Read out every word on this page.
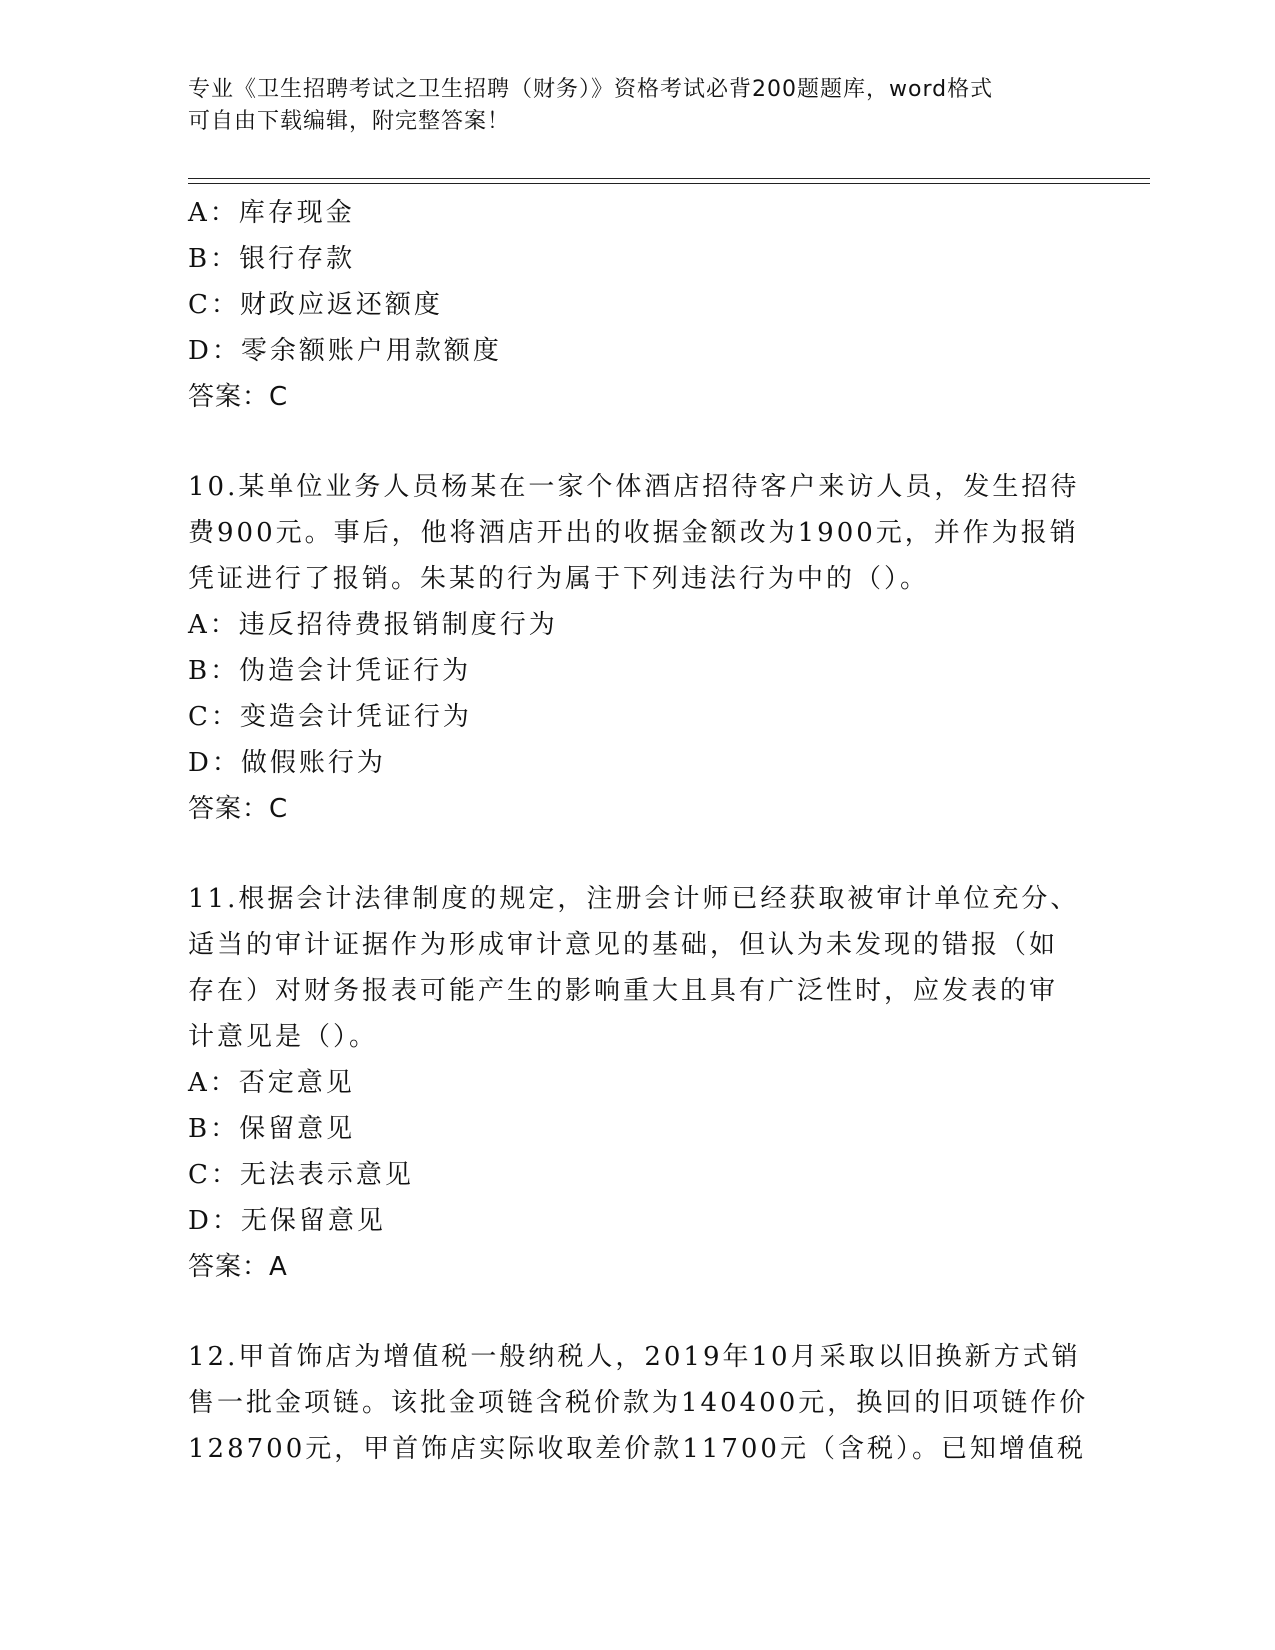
专业《卫生招聘考试之卫生招聘（财务）》资格考试必背200题题库，word格式

可自由下载编辑，附完整答案！

A：库存现金
B：银行存款
C：财政应返还额度
D：零余额账户用款额度
答案：C
10.某单位业务人员杨某在一家个体酒店招待客户来访人员，发生招待
费900元。事后，他将酒店开出的收据金额改为1900元，并作为报销
凭证进行了报销。朱某的行为属于下列违法行为中的（）。
A：违反招待费报销制度行为
B：伪造会计凭证行为
C：变造会计凭证行为
D：做假账行为
答案：C
11.根据会计法律制度的规定，注册会计师已经获取被审计单位充分、
适当的审计证据作为形成审计意见的基础，但认为未发现的错报（如
存在）对财务报表可能产生的影响重大且具有广泛性时，应发表的审
计意见是（）。
A：否定意见
B：保留意见
C：无法表示意见
D：无保留意见
答案：A
12.甲首饰店为增值税一般纳税人，2019年10月采取以旧换新方式销
售一批金项链。该批金项链含税价款为140400元，换回的旧项链作价
128700元，甲首饰店实际收取差价款11700元（含税）。已知增值税
